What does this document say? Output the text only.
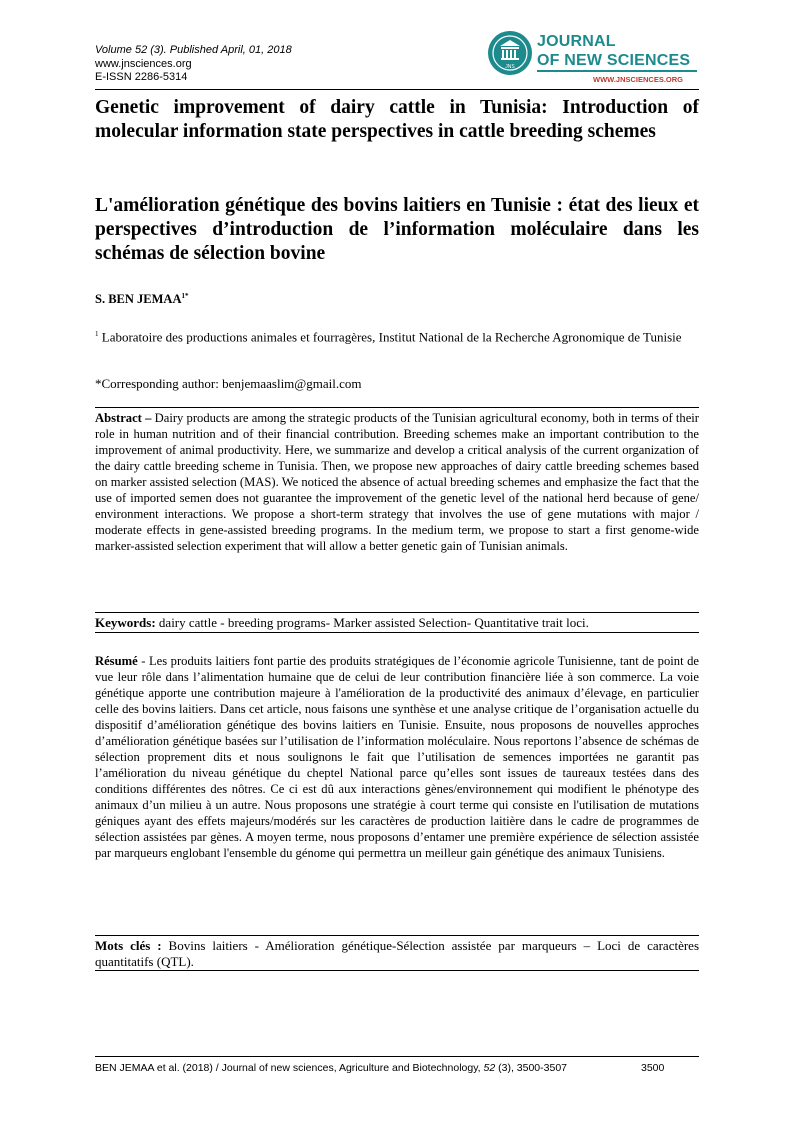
Volume 52 (3). Published April, 01, 2018
www.jnsciences.org
E-ISSN 2286-5314
JNS
JOURNAL
OF NEW SCIENCES
WWW.JNSCIENCES.ORG
Genetic improvement of dairy cattle in Tunisia: Introduction of molecular information state perspectives in cattle breeding schemes
L'amélioration génétique des bovins laitiers en Tunisie : état des lieux et perspectives d’introduction de l’information moléculaire dans les schémas de sélection bovine
S. BEN $JEMAA^{1*}$
$^1$ Laboratoire des productions animales et fourragères, Institut National de la Recherche Agronomique de Tunisie
*Corresponding author: benjemaaslim@gmail.com
Abstract – Dairy products are among the strategic products of the Tunisian agricultural economy, both in terms of their role in human nutrition and of their financial contribution. Breeding schemes make an important contribution to the improvement of animal productivity. Here, we summarize and develop a critical analysis of the current organization of the dairy cattle breeding scheme in Tunisia. Then, we propose new approaches of dairy cattle breeding schemes based on marker assisted selection (MAS). We noticed the absence of actual breeding schemes and emphasize the fact that the use of imported semen does not guarantee the improvement of the genetic level of the national herd because of gene/ environment interactions. We propose a short-term strategy that involves the use of gene mutations with major / moderate effects in gene-assisted breeding programs. In the medium term, we propose to start a first genome-wide marker-assisted selection experiment that will allow a better genetic gain of Tunisian animals.
Keywords: dairy cattle - breeding programs- Marker assisted Selection- Quantitative trait loci.
Résumé - Les produits laitiers font partie des produits stratégiques de l’économie agricole Tunisienne, tant de point de vue leur rôle dans l’alimentation humaine que de celui de leur contribution financière liée à son commerce. La voie génétique apporte une contribution majeure à l'amélioration de la productivité des animaux d’élevage, en particulier celle des bovins laitiers. Dans cet article, nous faisons une synthèse et une analyse critique de l’organisation actuelle du dispositif d’amélioration génétique des bovins laitiers en Tunisie. Ensuite, nous proposons de nouvelles approches d’amélioration génétique basées sur l’utilisation de l’information moléculaire. Nous reportons l’absence de schémas de sélection proprement dits et nous soulignons le fait que l’utilisation de semences importées ne garantit pas l’amélioration du niveau génétique du cheptel National parce qu’elles sont issues de taureaux testées dans des conditions différentes des nôtres. Ce ci est dû aux interactions gènes/environnement qui modifient le phénotype des animaux d’un milieu à un autre. Nous proposons une stratégie à court terme qui consiste en l'utilisation de mutations géniques ayant des effets majeurs/modérés sur les caractères de production laitière dans le cadre de programmes de sélection assistées par gènes. A moyen terme, nous proposons d’entamer une première expérience de sélection assistée par marqueurs englobant l'ensemble du génome qui permettra un meilleur gain génétique des animaux Tunisiens.
Mots clés : Bovins laitiers - Amélioration génétique-Sélection assistée par marqueurs – Loci de caractères quantitatifs (QTL).
BEN JEMAA et al. (2018) / Journal of new sciences, Agriculture and Biotechnology, 52 (3), 3500-3507	3500
